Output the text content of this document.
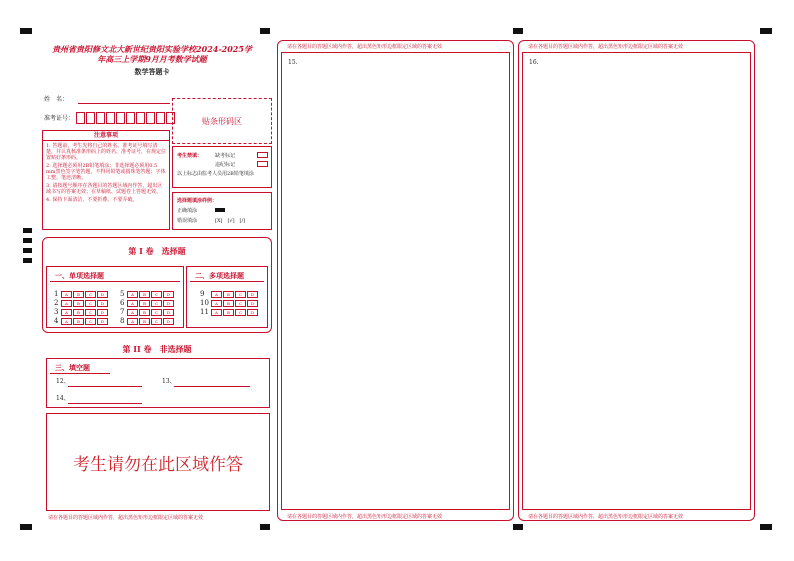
贵州省贵阳修文北大新世纪贵阳实验学校2024-2025学
年高三上学期9月月考数学试题
数学答题卡
姓　名：
准考证号：	贴条形码区
注意事项
1. 答题前，考生先将自己的姓名、准考证号填写清楚，并认真核准条形码上的姓名、准考证号，在规定位置贴好条形码。
2. 选择题必须用2B铅笔填涂；非选择题必须用0.5 mm黑色签字笔答题，不得用铅笔或圆珠笔答题；字体工整、笔迹清晰。
3. 请按题号顺序在各题目的答题区域内作答，超出区域书写的答案无效；在草稿纸、试题卷上答题无效。
4. 保持卡面清洁，不要折叠、不要弄破。
考生禁填：	缺考标记
违纪标记
以上标志由监考人员用2B铅笔填涂
选择题填涂样例：
正确填涂
错误填涂	[X]　[√]　[/]
第 I 卷　选择题
一、单项选择题	二、多项选择题
1	A	B	C	D
2	A	B	C	D
3	A	B	C	D
4	A	B	C	D
5	A	B	C	D
6	A	B	C	D
7	A	B	C	D
8	A	B	C	D
9	A	B	C	D
10	A	B	C	D
11	A	B	C	D
第 II 卷　非选择题
三、填空题
12、	13、
14、
考生请勿在此区域作答
请在各题目的答题区域内作答，超出黑色矩形边框限定区域的答案无效
请在各题目的答题区域内作答，超出黑色矩形边框限定区域的答案无效
15.
请在各题目的答题区域内作答，超出黑色矩形边框限定区域的答案无效
请在各题目的答题区域内作答，超出黑色矩形边框限定区域的答案无效
16.
请在各题目的答题区域内作答，超出黑色矩形边框限定区域的答案无效
